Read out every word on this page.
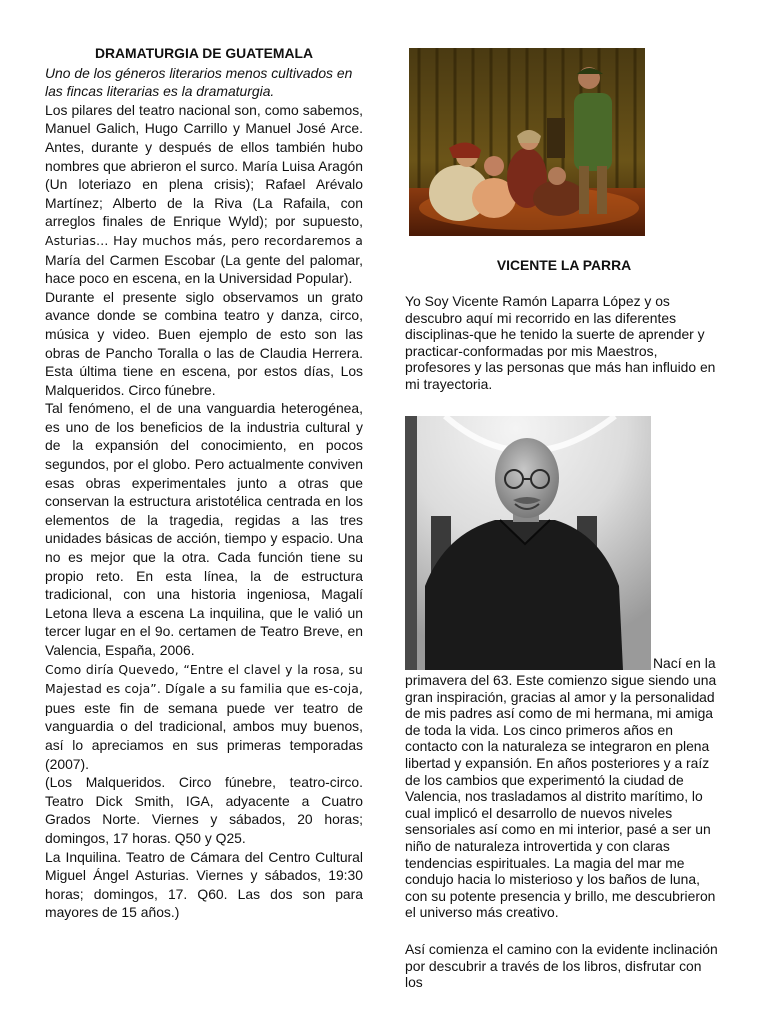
DRAMATURGIA DE GUATEMALA

Uno de los géneros literarios menos cultivados en las fincas literarias es la dramaturgia.

Los pilares del teatro nacional son, como sabemos, Manuel Galich, Hugo Carrillo y Manuel José Arce. Antes, durante y después de ellos también hubo nombres que abrieron el surco. María Luisa Aragón (Un loteriazo en plena crisis); Rafael Arévalo Martínez; Alberto de la Riva (La Rafaila, con arreglos finales de Enrique Wyld); por supuesto, Asturias… Hay muchos más, pero recordaremos a María del Carmen Escobar (La gente del palomar, hace poco en escena, en la Universidad Popular).

Durante el presente siglo observamos un grato avance donde se combina teatro y danza, circo, música y video. Buen ejemplo de esto son las obras de Pancho Toralla o las de Claudia Herrera. Esta última tiene en escena, por estos días, Los Malqueridos. Circo fúnebre.

Tal fenómeno, el de una vanguardia heterogénea, es uno de los beneficios de la industria cultural y de la expansión del conocimiento, en pocos segundos, por el globo. Pero actualmente conviven esas obras experimentales junto a otras que conservan la estructura aristotélica centrada en los elementos de la tragedia, regidas a las tres unidades básicas de acción, tiempo y espacio. Una no es mejor que la otra. Cada función tiene su propio reto. En esta línea, la de estructura tradicional, con una historia ingeniosa, Magalí Letona lleva a escena La inquilina, que le valió un tercer lugar en el 9o. certamen de Teatro Breve, en Valencia, España, 2006.

Como diría Quevedo, “Entre el clavel y la rosa, su Majestad es coja”. Dígale a su familia que es-coja, pues este fin de semana puede ver teatro de vanguardia o del tradicional, ambos muy buenos, así lo apreciamos en sus primeras temporadas (2007).

(Los Malqueridos. Circo fúnebre, teatro-circo. Teatro Dick Smith, IGA, adyacente a Cuatro Grados Norte. Viernes y sábados, 20 horas; domingos, 17 horas. Q50 y Q25.

La Inquilina. Teatro de Cámara del Centro Cultural Miguel Ángel Asturias. Viernes y sábados, 19:30 horas; domingos, 17. Q60. Las dos son para mayores de 15 años.)

VICENTE LA PARRA

Yo Soy Vicente Ramón Laparra López y os descubro aquí mi recorrido en las diferentes disciplinas-que he tenido la suerte de aprender y practicar-conformadas por mis Maestros, profesores y las personas que más han influido en mi trayectoria.

Nací en la

primavera del 63. Este comienzo sigue siendo una gran inspiración, gracias al amor y la personalidad de mis padres así como de mi hermana, mi amiga de toda la vida. Los cinco primeros años en contacto con la naturaleza se integraron en plena libertad y expansión. En años posteriores y a raíz de los cambios que experimentó la ciudad de Valencia, nos trasladamos al distrito marítimo, lo cual implicó el desarrollo de nuevos niveles sensoriales así como en mi interior, pasé a ser un niño de naturaleza introvertida y con claras tendencias espirituales. La magia del mar me condujo hacia lo misterioso y los baños de luna, con su potente presencia y brillo, me descubrieron el universo más creativo.

Así comienza el camino con la evidente inclinación por descubrir a través de los libros, disfrutar con los
